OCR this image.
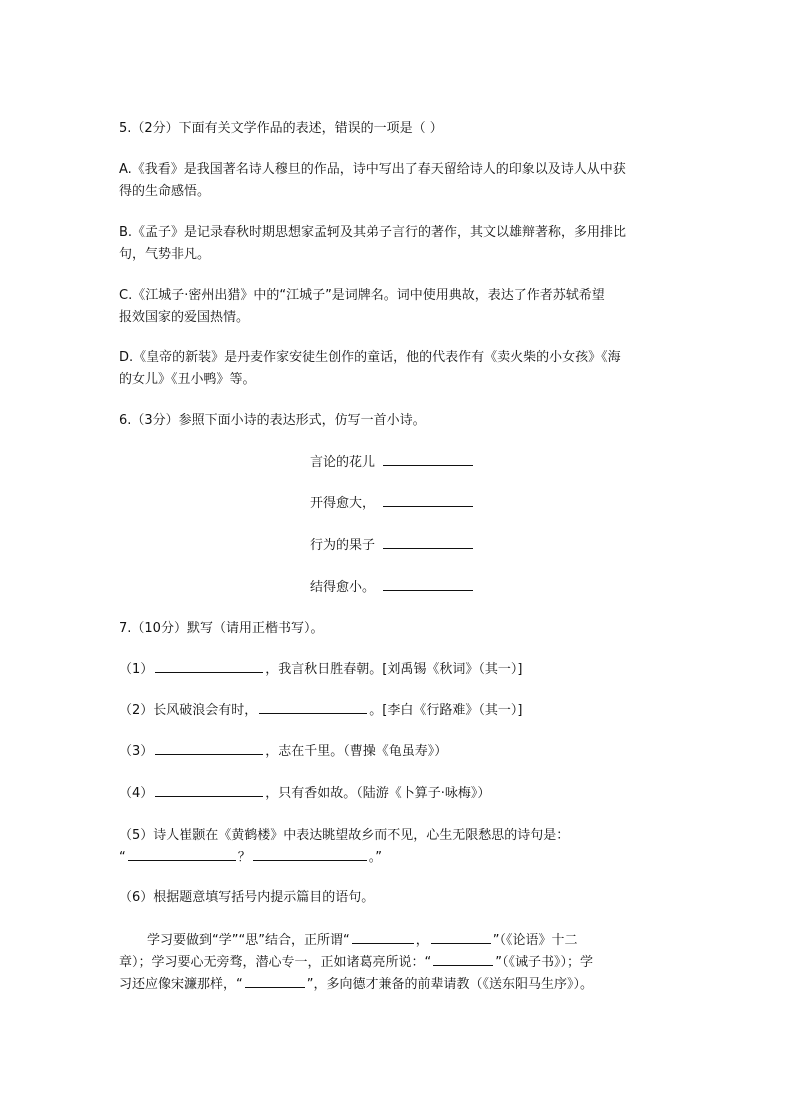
5.（2分）下面有关文学作品的表述，错误的一项是（ ）
A.《我看》是我国著名诗人穆旦的作品，诗中写出了春天留给诗人的印象以及诗人从中获
得的生命感悟。
B.《孟子》是记录春秋时期思想家孟轲及其弟子言行的著作，其文以雄辩著称，多用排比
句，气势非凡。
C.《江城子·密州出猎》中的“江城子”是词牌名。词中使用典故，表达了作者苏轼希望
报效国家的爱国热情。
D.《皇帝的新装》是丹麦作家安徒生创作的童话，他的代表作有《卖火柴的小女孩》《海
的女儿》《丑小鸭》等。
6.（3分）参照下面小诗的表达形式，仿写一首小诗。
言论的花儿
开得愈大，
行为的果子
结得愈小。
7.（10分）默写（请用正楷书写）。
（1）	，我言秋日胜春朝。[刘禹锡《秋词》（其一）]
（2）长风破浪会有时，	。[李白《行路难》（其一）]
（3）	，志在千里。（曹操《龟虽寿》）
（4）	，只有香如故。（陆游《卜算子·咏梅》）
（5）诗人崔颢在《黄鹤楼》中表达眺望故乡而不见，心生无限愁思的诗句是：
“	？	。”
（6）根据题意填写括号内提示篇目的语句。
学习要做到“学”“思”结合，正所谓“	，	”（《论语》十二
章）；学习要心无旁骛，潜心专一，正如诸葛亮所说：“	”（《诫子书》）；学
习还应像宋濂那样，“	”，多向德才兼备的前辈请教（《送东阳马生序》）。
